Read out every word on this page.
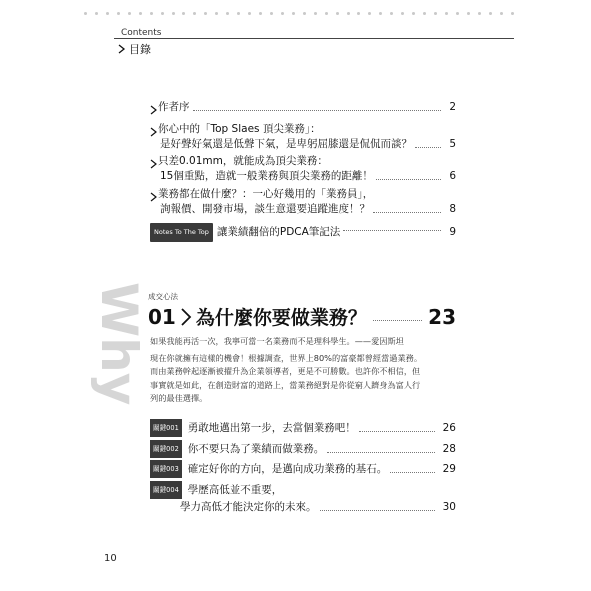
Contents
目錄
作者序	2
你心中的「Top Slaes 頂尖業務」：
是好聲好氣還是低聲下氣，是卑躬屈膝還是侃侃而談？	5
只差0.01mm，就能成為頂尖業務：
15個重點，造就一般業務與頂尖業務的距離！	6
業務都在做什麼？：一心好幾用的「業務員」，
詢報價、開發市場，談生意還要追蹤進度！？	8
Notes To The Top 讓業績翻倍的PDCA筆記法	9
Why 成交心法
01 為什麼你要做業務？	23
如果我能再活一次，我寧可當一名業務而不是理科學生。——愛因斯坦
現在你就擁有這樣的機會！根據調查，世界上80%的富豪都曾經當過業務。
而由業務幹起逐漸被擢升為企業領導者，更是不可勝數。也許你不相信，但
事實就是如此，在創造財富的道路上，當業務絕對是你從窮人躋身為富人行
列的最佳選擇。
關鍵001 勇敢地邁出第一步，去當個業務吧！	26
關鍵002 你不要只為了業績而做業務。	28
關鍵003 確定好你的方向，是邁向成功業務的基石。	29
關鍵004 學歷高低並不重要，
學力高低才能決定你的未來。	30
10
